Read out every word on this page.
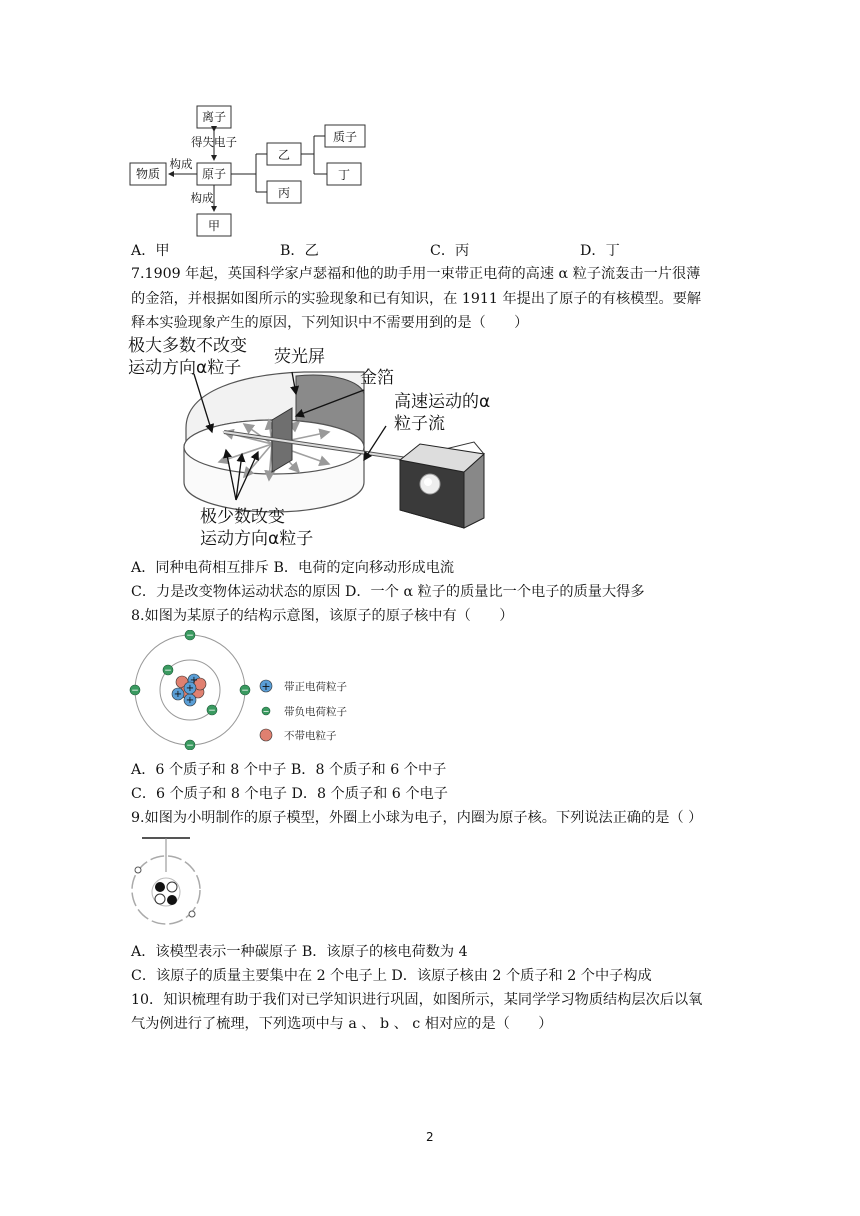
离子
得失电子
物质
构成
原子
构成
甲
乙
丙
质子
丁
A．甲	B．乙	C．丙	D．丁
7.1909 年起，英国科学家卢瑟福和他的助手用一束带正电荷的高速 α 粒子流轰击一片很薄
的金箔，并根据如图所示的实验现象和已有知识，在 1911 年提出了原子的有核模型。要解
释本实验现象产生的原因，下列知识中不需要用到的是（　　）
极大多数不改变
运动方向α粒子
荧光屏
金箔
高速运动的α
粒子流
极少数改变
运动方向α粒子
A．同种电荷相互排斥 B．电荷的定向移动形成电流
C．力是改变物体运动状态的原因 D．一个 α 粒子的质量比一个电子的质量大得多
8.如图为某原子的结构示意图，该原子的原子核中有（　　）
+
+
+
+
−
−
−	−
−
−
+
−
带正电荷粒子
带负电荷粒子
不带电粒子
A．6 个质子和 8 个中子 B．8 个质子和 6 个中子
C．6 个质子和 8 个电子 D．8 个质子和 6 个电子
9.如图为小明制作的原子模型，外圈上小球为电子，内圈为原子核。下列说法正确的是（ ）
A．该模型表示一种碳原子 B．该原子的核电荷数为 4
C．该原子的质量主要集中在 2 个电子上 D．该原子核由 2 个质子和 2 个中子构成
10．知识梳理有助于我们对已学知识进行巩固，如图所示，某同学学习物质结构层次后以氧
气为例进行了梳理，下列选项中与 a 、 b 、 c 相对应的是（　　）
2
